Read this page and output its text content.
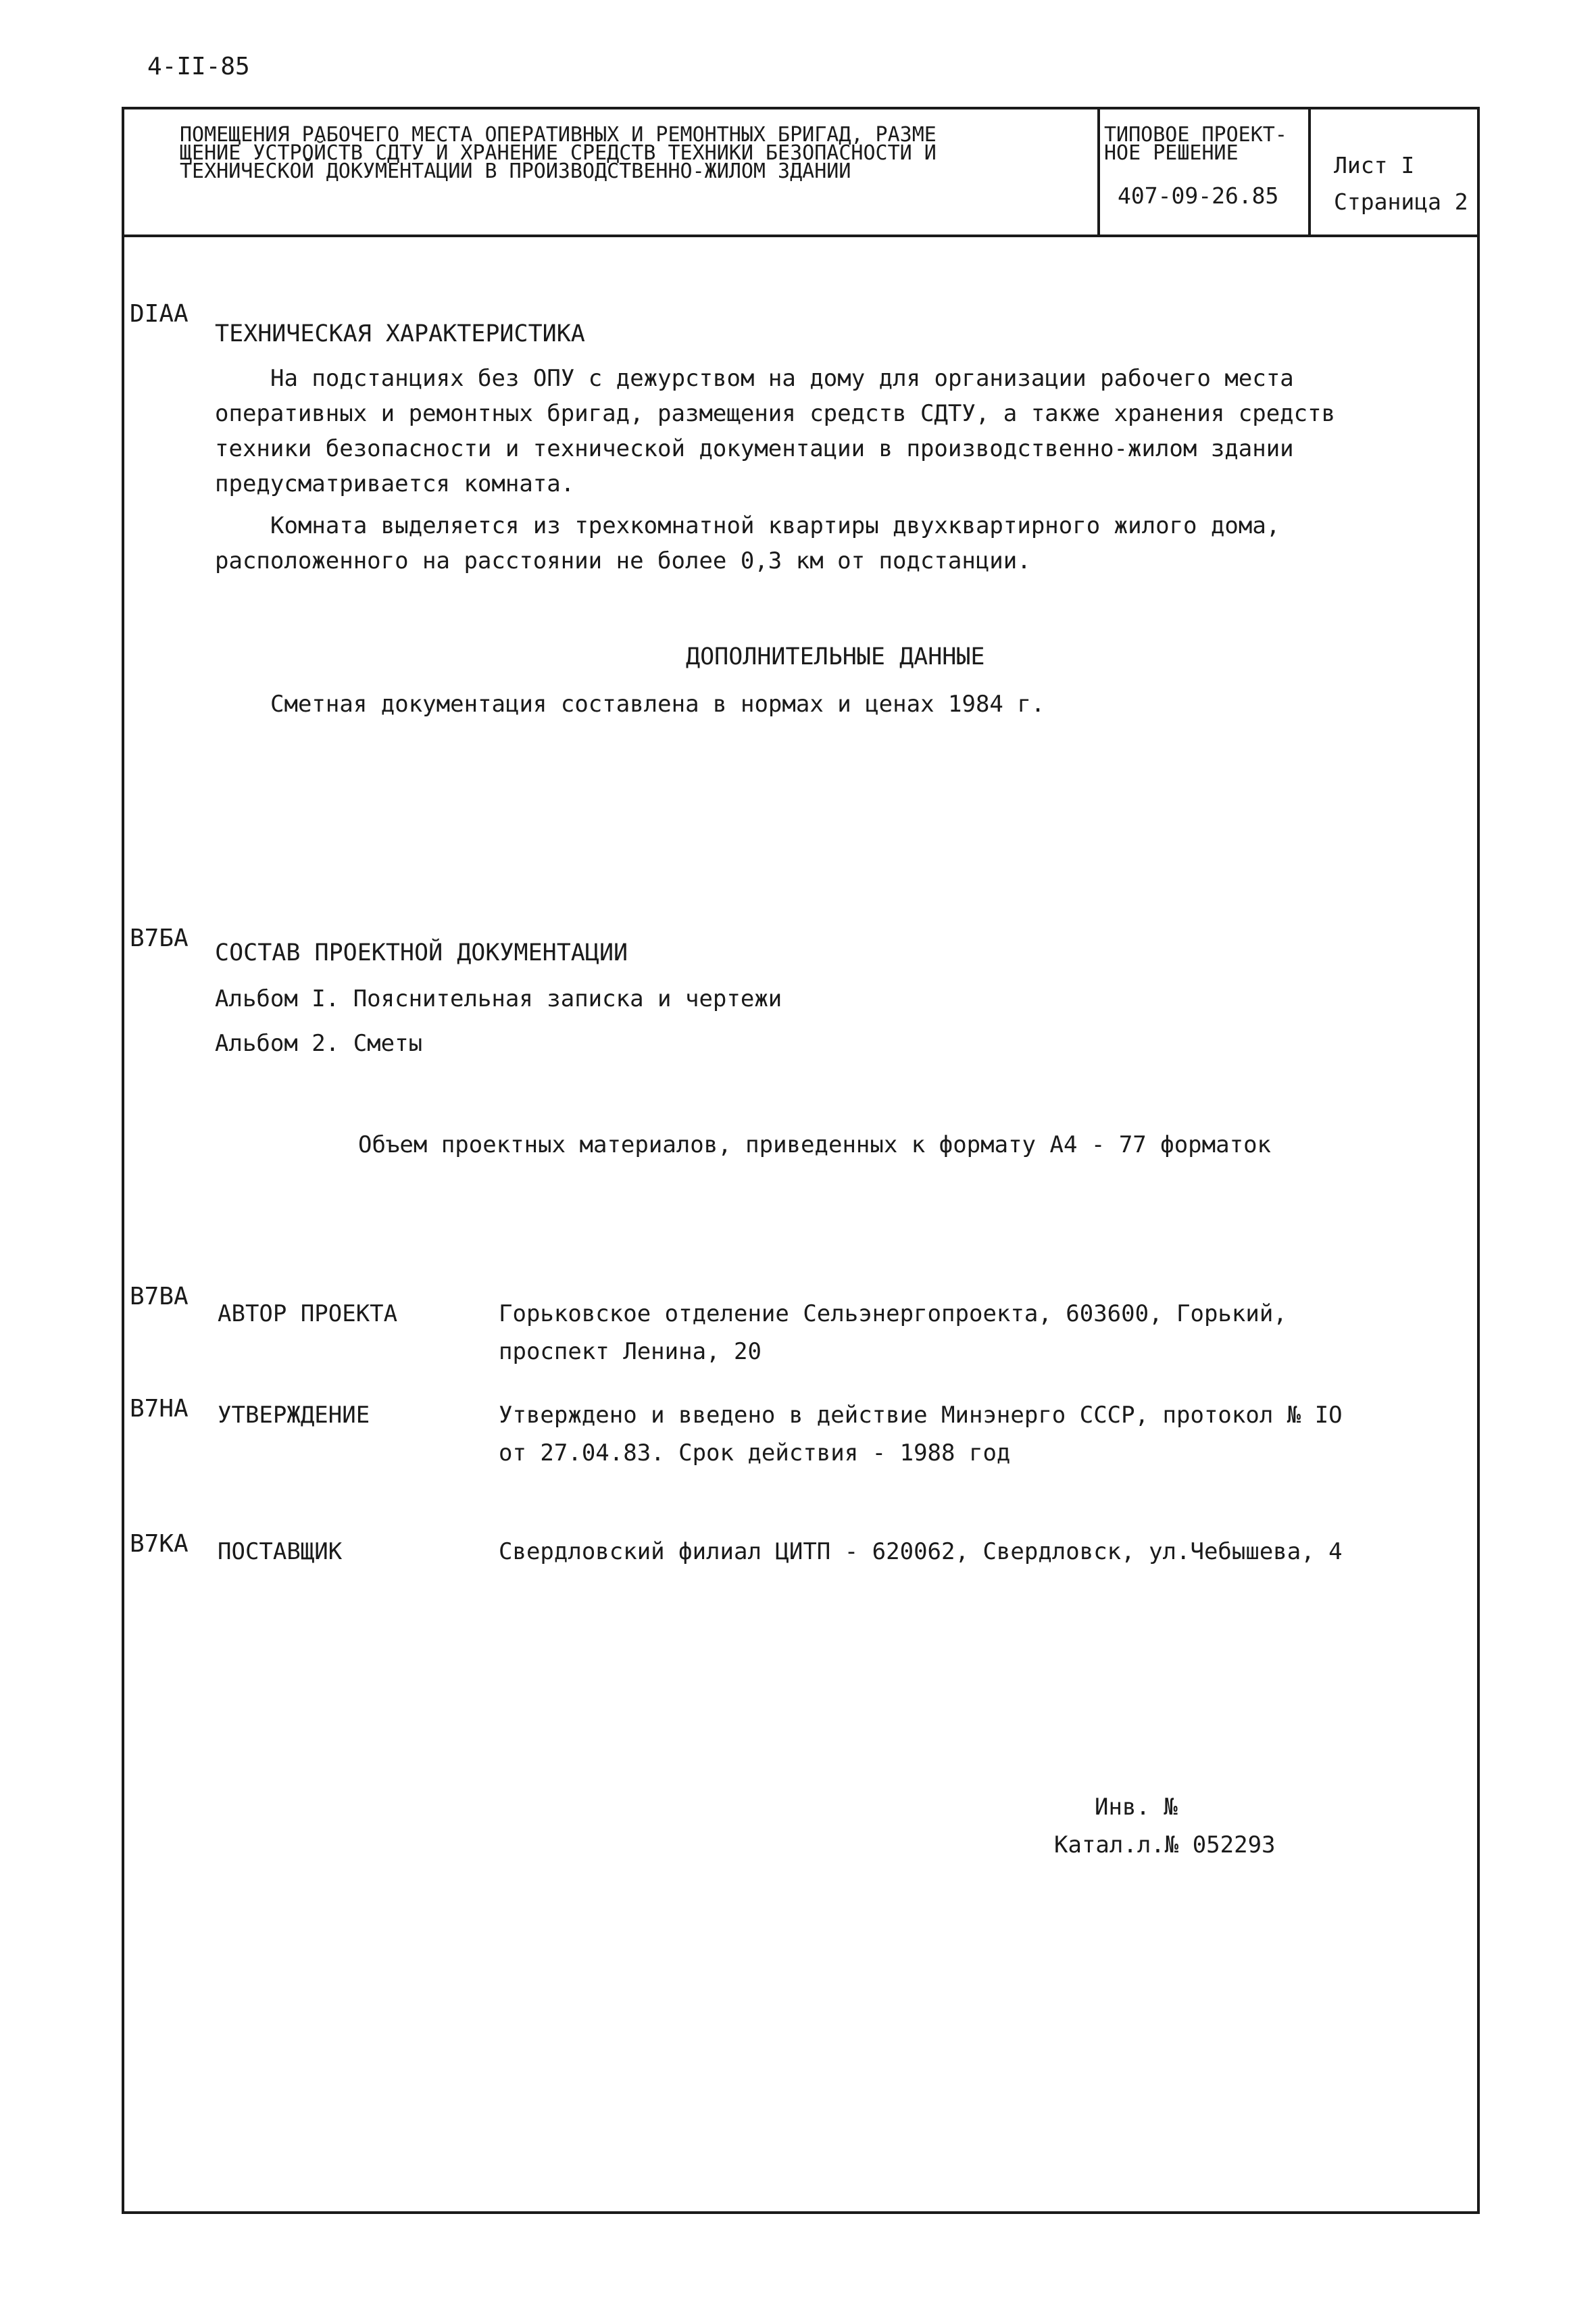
4-II-85
ПОМЕЩЕНИЯ РАБОЧЕГО МЕСТА ОПЕРАТИВНЫХ И РЕМОНТНЫХ БРИГАД, РАЗМЕ
ЩЕНИЕ УСТРОЙСТВ СДТУ И ХРАНЕНИЕ СРЕДСТВ ТЕХНИКИ БЕЗОПАСНОСТИ И
ТЕХНИЧЕСКОЙ ДОКУМЕНТАЦИИ В ПРОИЗВОДСТВЕННО-ЖИЛОМ ЗДАНИИ
ТИПОВОЕ ПРОЕКТ-
НОЕ РЕШЕНИЕ
407-09-26.85
Лист I
Страница 2
DIAA
ТЕХНИЧЕСКАЯ ХАРАКТЕРИСТИКА
На подстанциях без ОПУ с дежурством на дому для организации рабочего места
оперативных и ремонтных бригад, размещения средств СДТУ, а также хранения средств
техники безопасности и технической документации в производственно-жилом здании
предусматривается комната.
Комната выделяется из трехкомнатной квартиры двухквартирного жилого дома,
расположенного на расстоянии не более 0,3 км от подстанции.
ДОПОЛНИТЕЛЬНЫЕ ДАННЫЕ
Сметная документация составлена в нормах и ценах 1984 г.
В7БА
СОСТАВ ПРОЕКТНОЙ ДОКУМЕНТАЦИИ
Альбом I. Пояснительная записка и чертежи
Альбом 2. Сметы
Объем проектных материалов, приведенных к формату А4 - 77 форматок
В7ВА
АВТОР ПРОЕКТА	Горьковское отделение Сельэнергопроекта, 603600, Горький,
проспект Ленина, 20
В7НА УТВЕРЖДЕНИЕ	Утверждено и введено в действие Минэнерго СССР, протокол № IO
от 27.04.83. Срок действия - 1988 год
В7КА ПОСТАВЩИК	Свердловский филиал ЦИТП - 620062, Свердловск, ул.Чебышева, 4
Инв. №
Катал.л.№ 052293
